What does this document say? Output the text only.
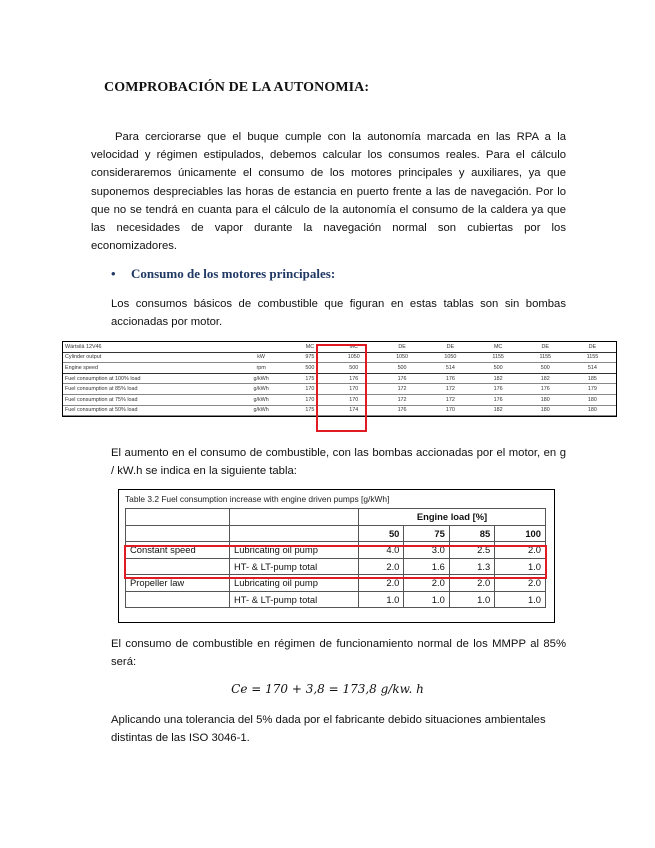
COMPROBACIÓN DE LA AUTONOMIA:
Para cerciorarse que el buque cumple con la autonomía marcada en las RPA a la velocidad y régimen estipulados, debemos calcular los consumos reales. Para el cálculo consideraremos únicamente el consumo de los motores principales y auxiliares, ya que suponemos despreciables las horas de estancia en puerto frente a las de navegación. Por lo que no se tendrá en cuanta para el cálculo de la autonomía el consumo de la caldera ya que las necesidades de vapor durante la navegación normal son cubiertas por los economizadores.
• Consumo de los motores principales:
Los consumos básicos de combustible que figuran en estas tablas son sin bombas accionadas por motor.
Wärtsilä 12V46		MC	MC	DE	DE	MC	DE	DE
Cylinder output	kW	975	1050	1050	1050	1155	1155	1155
Engine speed	rpm	500	500	500	514	500	500	514
Fuel consumption at 100% load	g/kWh	175	176	176	176	182	182	185
Fuel consumption at 85% load	g/kWh	170	170	172	172	176	176	179
Fuel consumption at 75% load	g/kWh	170	170	172	172	176	180	180
Fuel consumption at 50% load	g/kWh	175	174	176	170	182	180	180
El aumento en el consumo de combustible, con las bombas accionadas por el motor, en g / kW.h se indica en la siguiente tabla:
Table 3.2 Fuel consumption increase with engine driven pumps [g/kWh]
		Engine load [%]			
		50	75	85	100
Constant speed	Lubricating oil pump	4.0	3.0	2.5	2.0
	HT- & LT-pump total	2.0	1.6	1.3	1.0
Propeller law	Lubricating oil pump	2.0	2.0	2.0	2.0
	HT- & LT-pump total	1.0	1.0	1.0	1.0
El consumo de combustible en régimen de funcionamiento normal de los MMPP al 85% será:
Ce = 170 + 3,8 = 173,8 g/kw. h
Aplicando una tolerancia del 5% dada por el fabricante debido situaciones ambientales distintas de las ISO 3046-1.
